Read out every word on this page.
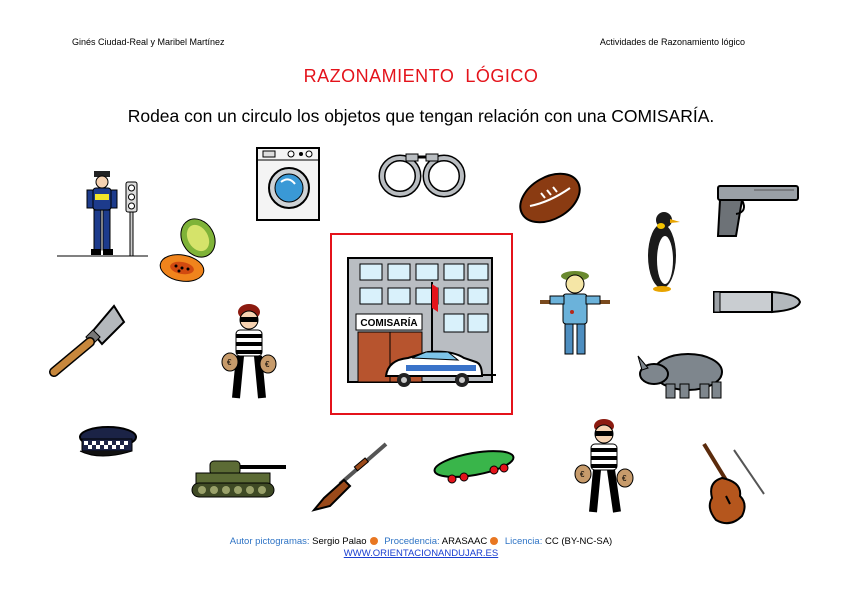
Ginés Ciudad-Real y Maribel Martínez	Actividades de Razonamiento lógico
RAZONAMIENTO  LÓGICO
Rodea con un circulo los objetos que tengan relación con una COMISARÍA.
€	€
COMISARÍA
€	€
Autor pictogramas: Sergio Palao Procedencia: ARASAAC Licencia: CC (BY-NC-SA)
WWW.ORIENTACIONANDUJAR.ES
